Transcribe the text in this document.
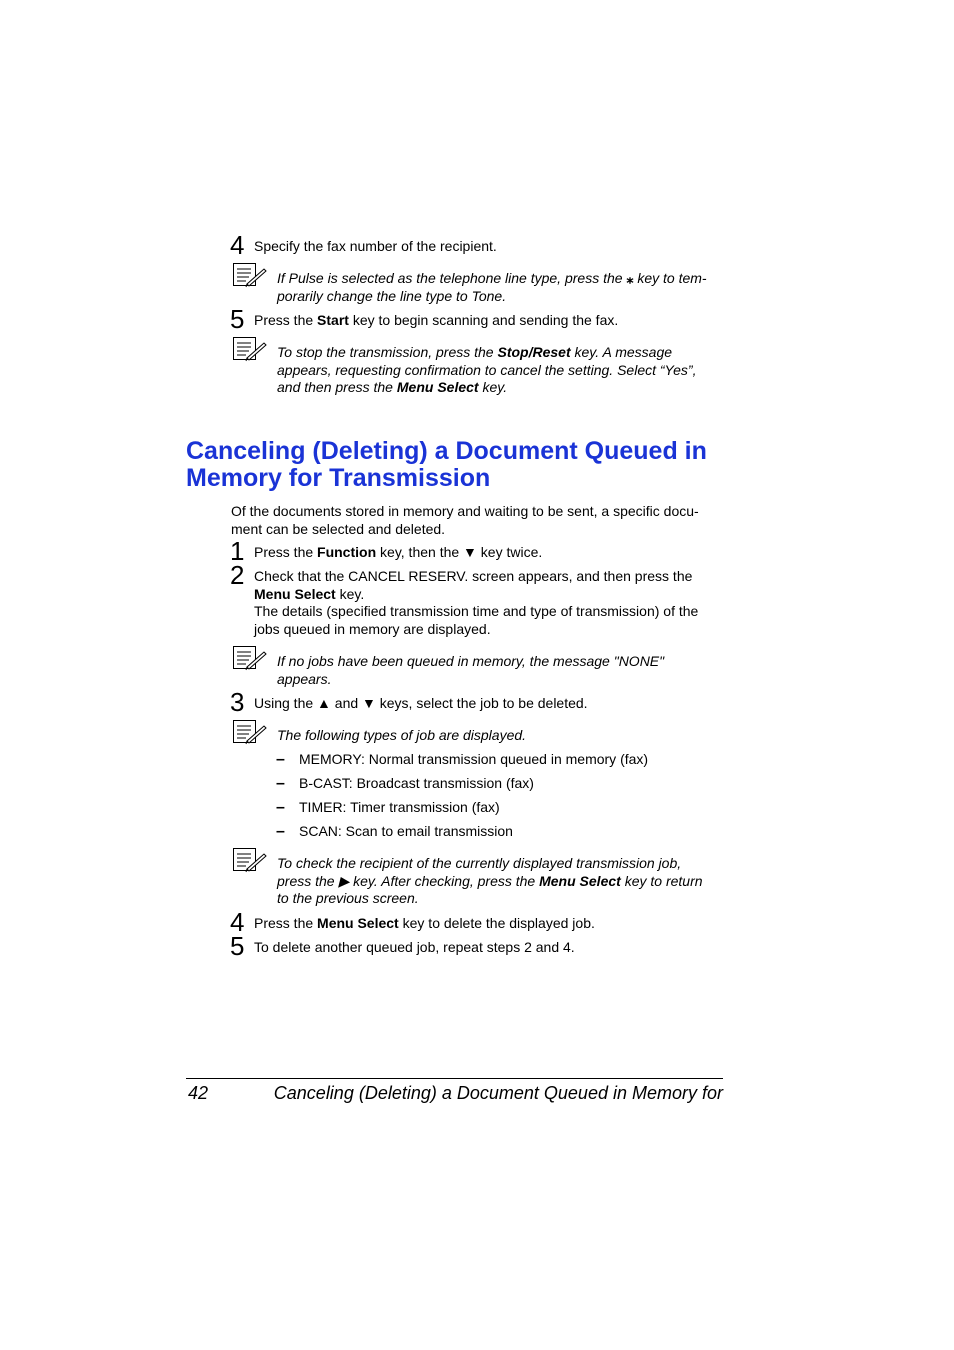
4 Specify the fax number of the recipient.
If Pulse is selected as the telephone line type, press the ⁎ key to tem-
porarily change the line type to Tone.
5 Press the Start key to begin scanning and sending the fax.
To stop the transmission, press the Stop/Reset key. A message
appears, requesting confirmation to cancel the setting. Select “Yes”,
and then press the Menu Select key.
Canceling (Deleting) a Document Queued in
Memory for Transmission
Of the documents stored in memory and waiting to be sent, a specific docu-
ment can be selected and deleted.
1 Press the Function key, then the ▼ key twice.
2 Check that the CANCEL RESERV. screen appears, and then press the
Menu Select key.
The details (specified transmission time and type of transmission) of the
jobs queued in memory are displayed.
If no jobs have been queued in memory, the message "NONE"
appears.
3 Using the ▲ and ▼ keys, select the job to be deleted.
The following types of job are displayed.
– MEMORY: Normal transmission queued in memory (fax)
– B-CAST: Broadcast transmission (fax)
– TIMER: Timer transmission (fax)
– SCAN: Scan to email transmission
To check the recipient of the currently displayed transmission job,
press the ▶ key. After checking, press the Menu Select key to return
to the previous screen.
4 Press the Menu Select key to delete the displayed job.
5 To delete another queued job, repeat steps 2 and 4.
42	Canceling (Deleting) a Document Queued in Memory for
